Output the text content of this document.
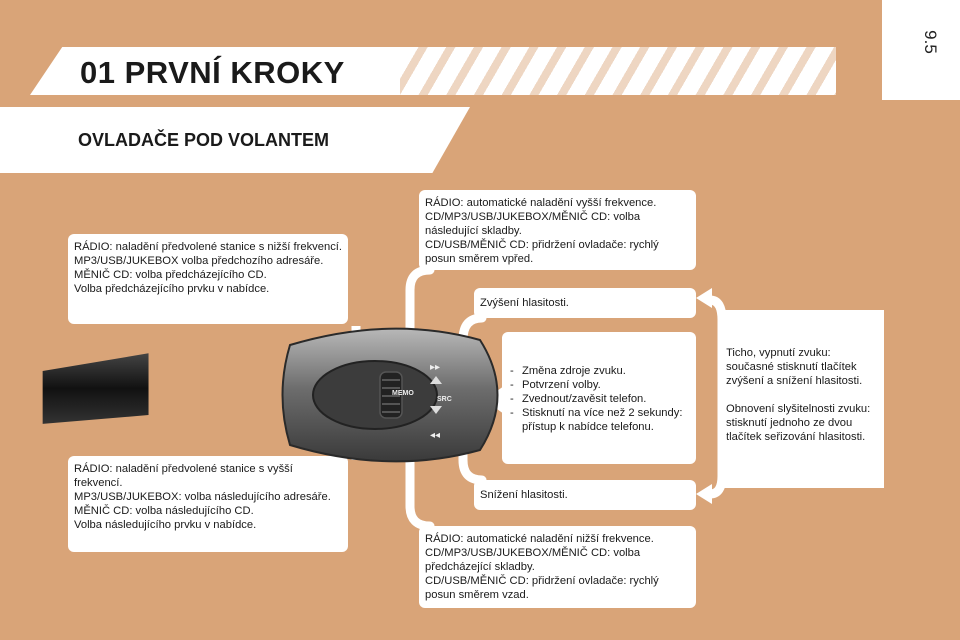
9.5
01 PRVNÍ KROKY
OVLADAČE POD VOLANTEM

RÁDIO: naladění předvolené stanice s nižší frekvencí.

MP3/USB/JUKEBOX volba předchozího adresáře.

MĚNIČ CD: volba předcházejícího CD.

Volba předcházejícího prvku v nabídce.

RÁDIO: naladění předvolené stanice s vyšší frekvencí.

MP3/USB/JUKEBOX: volba následujícího adresáře.

MĚNIČ CD: volba následujícího CD.

Volba následujícího prvku v nabídce.

RÁDIO: automatické naladění vyšší frekvence.

CD/MP3/USB/JUKEBOX/MĚNIČ CD: volba následující skladby.

CD/USB/MĚNIČ CD: přidržení ovladače: rychlý posun směrem vpřed.

Zvýšení hlasitosti.

- Změna zdroje zvuku.
- Potvrzení volby.
- Zvednout/zavěsit telefon.
- Stisknutí na více než 2 sekundy: přístup k nabídce telefonu.

Snížení hlasitosti.

RÁDIO: automatické naladění nižší frekvence.

CD/MP3/USB/JUKEBOX/MĚNIČ CD: volba předcházející skladby.

CD/USB/MĚNIČ CD: přidržení ovladače: rychlý posun směrem vzad.

Ticho, vypnutí zvuku: současné stisknutí tlačítek zvýšení a snížení hlasitosti.

Obnovení slyšitelnosti zvuku: stisknutí jednoho ze dvou tlačítek seřizování hlasitosti.

MEMO
SRC
▸▸
◂◂
